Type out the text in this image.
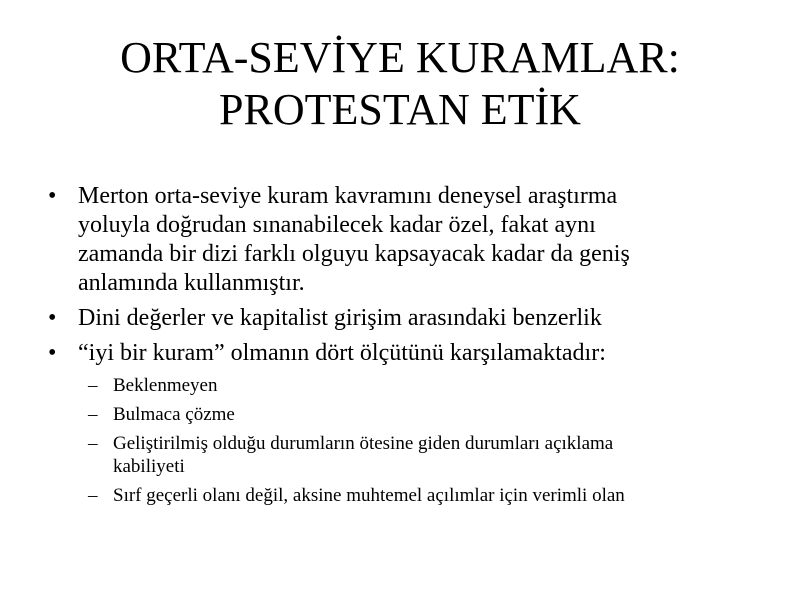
ORTA-SEVİYE KURAMLAR:
PROTESTAN ETİK
• Merton orta-seviye kuram kavramını deneysel araştırma
yoluyla doğrudan sınanabilecek kadar özel, fakat aynı
zamanda bir dizi farklı olguyu kapsayacak kadar da geniş
anlamında kullanmıştır.
• Dini değerler ve kapitalist girişim arasındaki benzerlik
• “iyi bir kuram” olmanın dört ölçütünü karşılamaktadır:
– Beklenmeyen
– Bulmaca çözme
– Geliştirilmiş olduğu durumların ötesine giden durumları açıklama
kabiliyeti
– Sırf geçerli olanı değil, aksine muhtemel açılımlar için verimli olan
